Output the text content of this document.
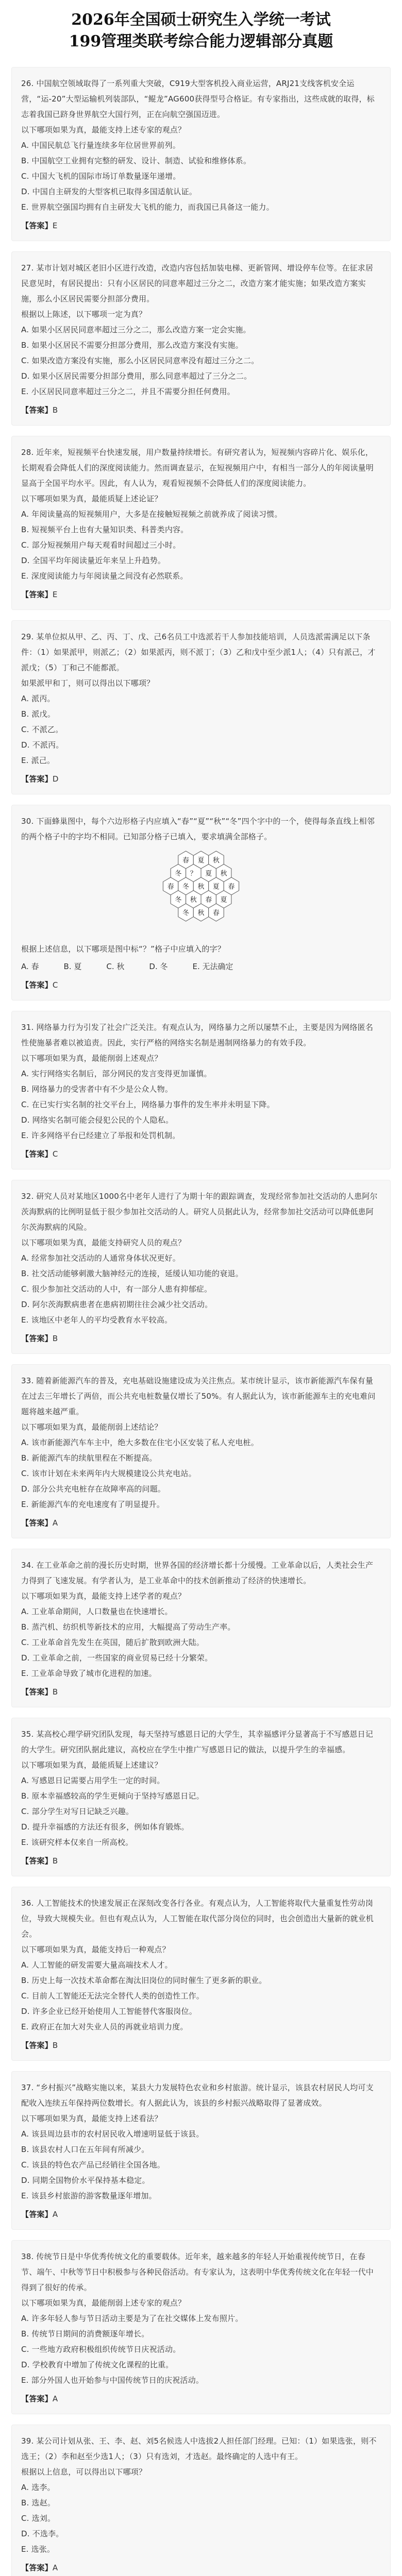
2026年全国硕士研究生入学统一考试
199管理类联考综合能力逻辑部分真题

26. 中国航空领域取得了一系列重大突破，C919大型客机投入商业运营，ARJ21支线客机安全运营，“运-20”大型运输机列装部队，“鲲龙”AG600获得型号合格证。有专家指出，这些成就的取得，标志着我国已跻身世界航空大国行列，正在向航空强国迈进。

以下哪项如果为真，最能支持上述专家的观点？

A. 中国民航总飞行量连续多年位居世界前列。

B. 中国航空工业拥有完整的研发、设计、制造、试验和维修体系。

C. 中国大飞机的国际市场订单数量逐年递增。

D. 中国自主研发的大型客机已取得多国适航认证。

E. 世界航空强国均拥有自主研发大飞机的能力，而我国已具备这一能力。

【答案】E

27. 某市计划对城区老旧小区进行改造，改造内容包括加装电梯、更新管网、增设停车位等。在征求居民意见时，有居民提出：只有小区居民的同意率超过三分之二，改造方案才能实施；如果改造方案实施，那么小区居民需要分担部分费用。

根据以上陈述，以下哪项一定为真？

A. 如果小区居民同意率超过三分之二，那么改造方案一定会实施。

B. 如果小区居民不需要分担部分费用，那么改造方案没有实施。

C. 如果改造方案没有实施，那么小区居民同意率没有超过三分之二。

D. 如果小区居民需要分担部分费用，那么同意率超过了三分之二。

E. 小区居民同意率超过三分之二，并且不需要分担任何费用。

【答案】B

28. 近年来，短视频平台快速发展，用户数量持续增长。有研究者认为，短视频内容碎片化、娱乐化，长期观看会降低人们的深度阅读能力。然而调查显示，在短视频用户中，有相当一部分人的年阅读量明显高于全国平均水平。因此，有人认为，观看短视频不会降低人们的深度阅读能力。

以下哪项如果为真，最能质疑上述论证？

A. 年阅读量高的短视频用户，大多是在接触短视频之前就养成了阅读习惯。

B. 短视频平台上也有大量知识类、科普类内容。

C. 部分短视频用户每天观看时间超过三小时。

D. 全国平均年阅读量近年来呈上升趋势。

E. 深度阅读能力与年阅读量之间没有必然联系。

【答案】E

29. 某单位拟从甲、乙、丙、丁、戊、己6名员工中选派若干人参加技能培训，人员选派需满足以下条件：（1）如果派甲，则派乙；（2）如果派丙，则不派丁；（3）乙和戊中至少派1人；（4）只有派己，才派戊；（5）丁和己不能都派。

如果派甲和丁，则可以得出以下哪项？

A. 派丙。

B. 派戊。

C. 不派乙。

D. 不派丙。

E. 派己。

【答案】D

30. 下面蜂巢图中，每个六边形格子内应填入“春”“夏”“秋”“冬”四个字中的一个，使得每条直线上相邻的两个格子中的字均不相同。已知部分格子已填入，要求填满全部格子。

春 夏 秋
冬 ？ 夏 秋
春 冬 秋 夏 春
冬 秋 春 夏
冬 秋 春

根据上述信息，以下哪项是图中标“？”格子中应填入的字？

A. 春	B. 夏	C. 秋	D. 冬	E. 无法确定

【答案】C

31. 网络暴力行为引发了社会广泛关注。有观点认为，网络暴力之所以屡禁不止，主要是因为网络匿名性使施暴者难以被追责。因此，实行严格的网络实名制是遏制网络暴力的有效手段。

以下哪项如果为真，最能削弱上述观点？

A. 实行网络实名制后，部分网民的发言变得更加谨慎。

B. 网络暴力的受害者中有不少是公众人物。

C. 在已实行实名制的社交平台上，网络暴力事件的发生率并未明显下降。

D. 网络实名制可能会侵犯公民的个人隐私。

E. 许多网络平台已经建立了举报和处罚机制。

【答案】C

32. 研究人员对某地区1000名中老年人进行了为期十年的跟踪调查，发现经常参加社交活动的人患阿尔茨海默病的比例明显低于很少参加社交活动的人。研究人员据此认为，经常参加社交活动可以降低患阿尔茨海默病的风险。

以下哪项如果为真，最能支持研究人员的观点？

A. 经常参加社交活动的人通常身体状况更好。

B. 社交活动能够刺激大脑神经元的连接，延缓认知功能的衰退。

C. 很少参加社交活动的人中，有一部分人患有抑郁症。

D. 阿尔茨海默病患者在患病初期往往会减少社交活动。

E. 该地区中老年人的平均受教育水平较高。

【答案】B

33. 随着新能源汽车的普及，充电基础设施建设成为关注焦点。某市统计显示，该市新能源汽车保有量在过去三年增长了两倍，而公共充电桩数量仅增长了50%。有人据此认为，该市新能源车主的充电难问题将越来越严重。

以下哪项如果为真，最能削弱上述结论？

A. 该市新能源汽车车主中，绝大多数在住宅小区安装了私人充电桩。

B. 新能源汽车的续航里程在不断提高。

C. 该市计划在未来两年内大规模建设公共充电站。

D. 部分公共充电桩存在故障率高的问题。

E. 新能源汽车的充电速度有了明显提升。

【答案】A

34. 在工业革命之前的漫长历史时期，世界各国的经济增长都十分缓慢。工业革命以后，人类社会生产力得到了飞速发展。有学者认为，是工业革命中的技术创新推动了经济的快速增长。

以下哪项如果为真，最能支持上述学者的观点？

A. 工业革命期间，人口数量也在快速增长。

B. 蒸汽机、纺织机等新技术的应用，大幅提高了劳动生产率。

C. 工业革命首先发生在英国，随后扩散到欧洲大陆。

D. 工业革命之前，一些国家的商业贸易已经十分繁荣。

E. 工业革命导致了城市化进程的加速。

【答案】B

35. 某高校心理学研究团队发现，每天坚持写感恩日记的大学生，其幸福感评分显著高于不写感恩日记的大学生。研究团队据此建议，高校应在学生中推广写感恩日记的做法，以提升学生的幸福感。

以下哪项如果为真，最能质疑上述建议？

A. 写感恩日记需要占用学生一定的时间。

B. 原本幸福感较高的学生更倾向于坚持写感恩日记。

C. 部分学生对写日记缺乏兴趣。

D. 提升幸福感的方法还有很多，例如体育锻炼。

E. 该研究样本仅来自一所高校。

【答案】B

36. 人工智能技术的快速发展正在深刻改变各行各业。有观点认为，人工智能将取代大量重复性劳动岗位，导致大规模失业。但也有观点认为，人工智能在取代部分岗位的同时，也会创造出大量新的就业机会。

以下哪项如果为真，最能支持后一种观点？

A. 人工智能的研发需要大量高端技术人才。

B. 历史上每一次技术革命都在淘汰旧岗位的同时催生了更多新的职业。

C. 目前人工智能还无法完全替代人类的创造性工作。

D. 许多企业已经开始使用人工智能替代客服岗位。

E. 政府正在加大对失业人员的再就业培训力度。

【答案】B

37. “乡村振兴”战略实施以来，某县大力发展特色农业和乡村旅游。统计显示，该县农村居民人均可支配收入连续五年保持两位数增长。有人据此认为，该县的乡村振兴战略取得了显著成效。

以下哪项如果为真，最能支持上述看法？

A. 该县周边县市的农村居民收入增速明显低于该县。

B. 该县农村人口在五年间有所减少。

C. 该县的特色农产品已经销往全国各地。

D. 同期全国物价水平保持基本稳定。

E. 该县乡村旅游的游客数量逐年增加。

【答案】A

38. 传统节日是中华优秀传统文化的重要载体。近年来，越来越多的年轻人开始重视传统节日，在春节、端午、中秋等节日中积极参与各种民俗活动。有专家认为，这表明中华优秀传统文化在年轻一代中得到了很好的传承。

以下哪项如果为真，最能削弱上述专家的观点？

A. 许多年轻人参与节日活动主要是为了在社交媒体上发布照片。

B. 传统节日期间的消费额逐年增长。

C. 一些地方政府积极组织传统节日庆祝活动。

D. 学校教育中增加了传统文化课程的比重。

E. 部分外国人也开始参与中国传统节日的庆祝活动。

【答案】A

39. 某公司计划从张、王、李、赵、刘5名候选人中选拔2人担任部门经理。已知：（1）如果选张，则不选王；（2）李和赵至少选1人；（3）只有选刘，才选赵。最终确定的人选中有王。

根据以上信息，可以得出以下哪项？

A. 选李。

B. 选赵。

C. 选刘。

D. 不选李。

E. 选张。

【答案】A
